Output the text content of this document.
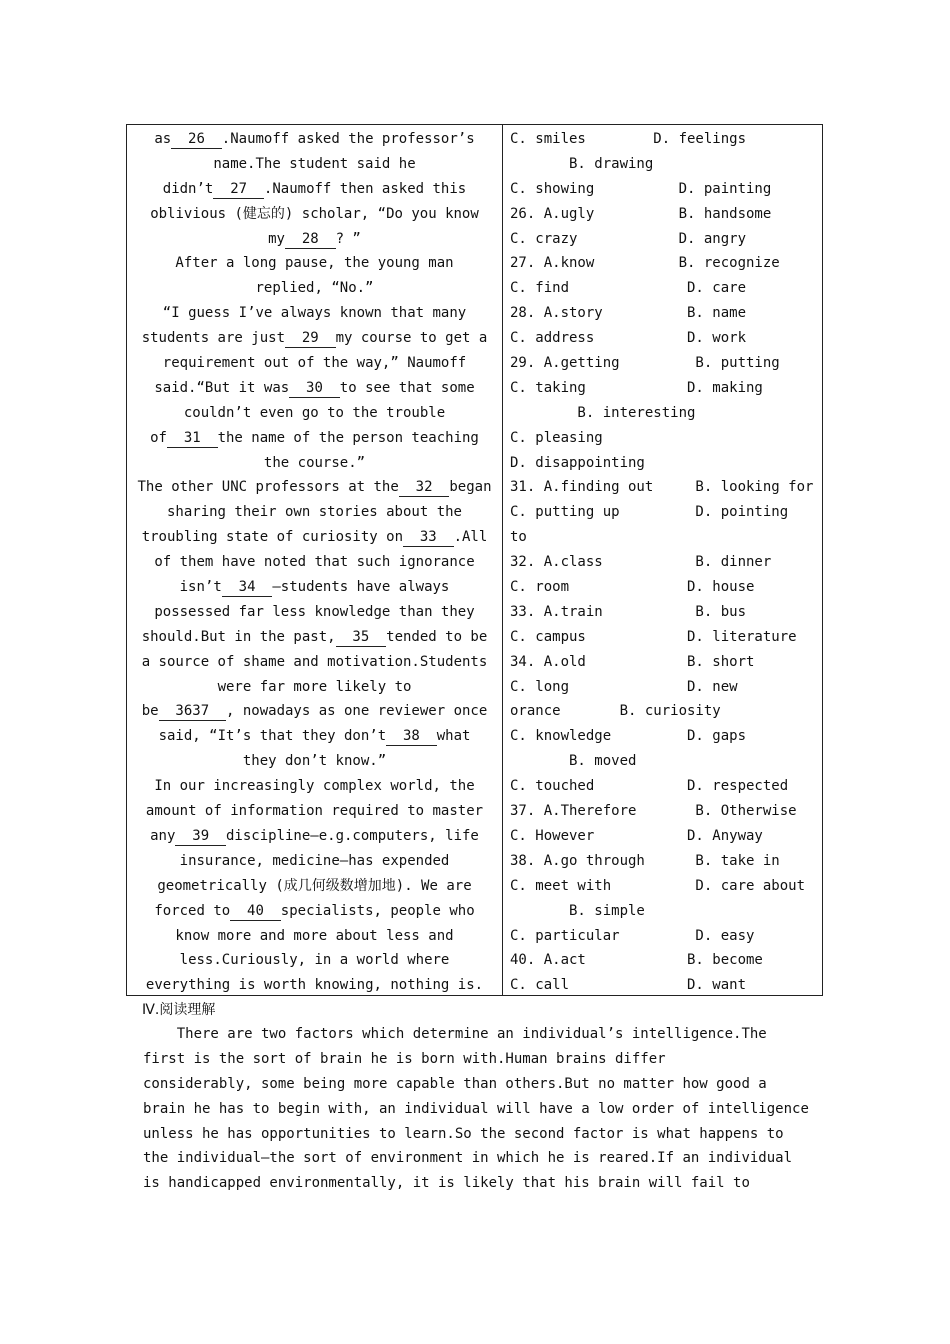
as  26  .Naumoff asked the professor’s
name.The student said he
didn’t  27  .Naumoff then asked this
oblivious (健忘的) scholar, “Do you know
my  28  ? ”
After a long pause, the young man
replied, “No.”
“I guess I’ve always known that many
students are just  29  my course to get a
requirement out of the way,” Naumoff
said.“But it was  30  to see that some
couldn’t even go to the trouble
of  31  the name of the person teaching
the course.”
The other UNC professors at the  32  began
sharing their own stories about the
troubling state of curiosity on  33  .All
of them have noted that such ignorance
isn’t  34  —students have always
possessed far less knowledge than they
should.But in the past,  35  tended to be
a source of shame and motivation.Students
were far more likely to
be  3637  , nowadays as one reviewer once
said, “It’s that they don’t  38  what
they don’t know.”
In our increasingly complex world, the
amount of information required to master
any  39  discipline—e.g.computers, life
insurance, medicine—has expended
geometrically (成几何级数增加地). We are
forced to  40  specialists, people who
know more and more about less and
less.Curiously, in a world where
everything is worth knowing, nothing is.
C. smiles        D. feelings
B. drawing
C. showing          D. painting
26. A.ugly          B. handsome
C. crazy            D. angry
27. A.know          B. recognize
C. find              D. care
28. A.story          B. name
C. address           D. work
29. A.getting         B. putting
C. taking            D. making
B. interesting
C. pleasing
D. disappointing
31. A.finding out     B. looking for
C. putting up         D. pointing
to
32. A.class           B. dinner
C. room              D. house
33. A.train           B. bus
C. campus            D. literature
34. A.old            B. short
C. long              D. new
orance       B. curiosity
C. knowledge         D. gaps
B. moved
C. touched           D. respected
37. A.Therefore       B. Otherwise
C. However           D. Anyway
38. A.go through      B. take in
C. meet with          D. care about
B. simple
C. particular         D. easy
40. A.act            B. become
C. call              D. want
Ⅳ.阅读理解
There are two factors which determine an individual’s intelligence.The
first is the sort of brain he is born with.Human brains differ
considerably, some being more capable than others.But no matter how good a
brain he has to begin with, an individual will have a low order of intelligence
unless he has opportunities to learn.So the second factor is what happens to
the individual—the sort of environment in which he is reared.If an individual
is handicapped environmentally, it is likely that his brain will fail to
